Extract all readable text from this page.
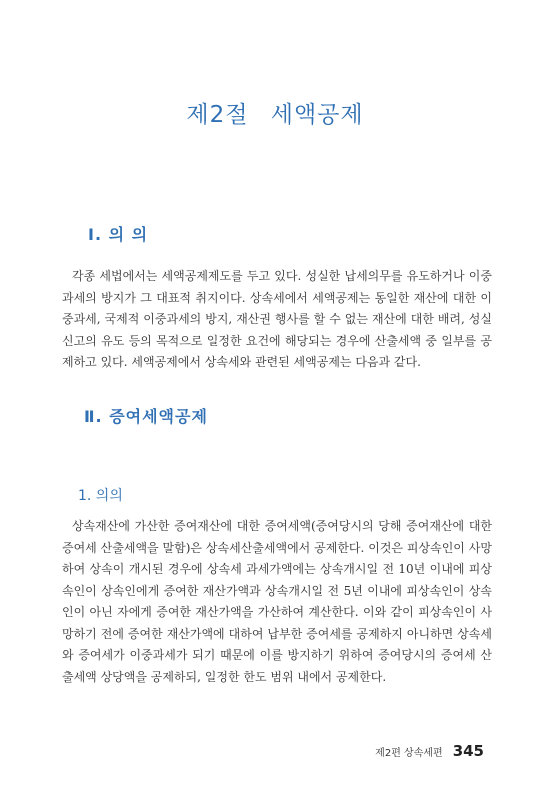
제2절 세액공제
Ⅰ. 의 의
각종 세법에서는 세액공제제도를 두고 있다. 성실한 납세의무를 유도하거나 이중과세의 방지가 그 대표적 취지이다. 상속세에서 세액공제는 동일한 재산에 대한 이중과세, 국제적 이중과세의 방지, 재산권 행사를 할 수 없는 재산에 대한 배려, 성실신고의 유도 등의 목적으로 일정한 요건에 해당되는 경우에 산출세액 중 일부를 공제하고 있다. 세액공제에서 상속세와 관련된 세액공제는 다음과 같다.
Ⅱ. 증여세액공제
1. 의의
상속재산에 가산한 증여재산에 대한 증여세액(증여당시의 당해 증여재산에 대한 증여세 산출세액을 말함)은 상속세산출세액에서 공제한다. 이것은 피상속인이 사망하여 상속이 개시된 경우에 상속세 과세가액에는 상속개시일 전 10년 이내에 피상속인이 상속인에게 증여한 재산가액과 상속개시일 전 5년 이내에 피상속인이 상속인이 아닌 자에게 증여한 재산가액을 가산하여 계산한다. 이와 같이 피상속인이 사망하기 전에 증여한 재산가액에 대하여 납부한 증여세를 공제하지 아니하면 상속세와 증여세가 이중과세가 되기 때문에 이를 방지하기 위하여 증여당시의 증여세 산출세액 상당액을 공제하되, 일정한 한도 범위 내에서 공제한다.
제2편 상속세편 345
